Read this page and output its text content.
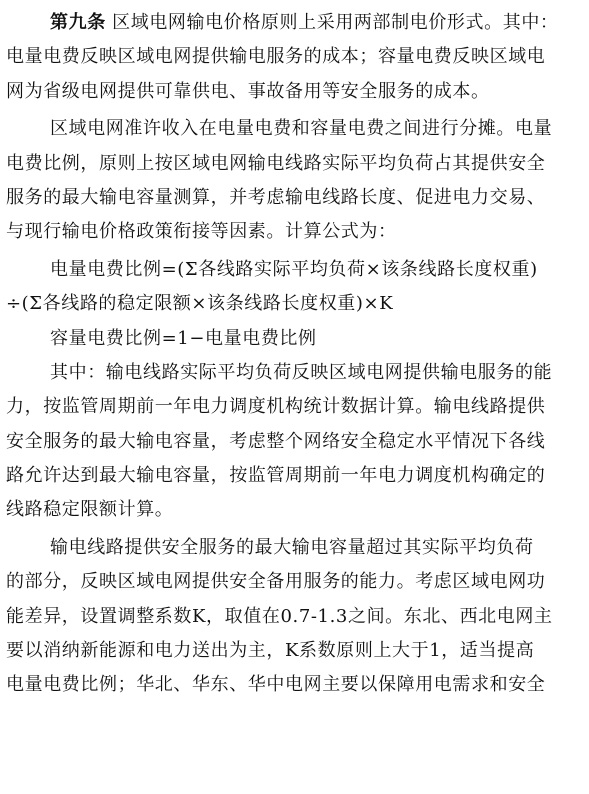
第九条 区域电网输电价格原则上采用两部制电价形式。其中：
电量电费反映区域电网提供输电服务的成本；容量电费反映区域电
网为省级电网提供可靠供电、事故备用等安全服务的成本。
区域电网准许收入在电量电费和容量电费之间进行分摊。电量
电费比例，原则上按区域电网输电线路实际平均负荷占其提供安全
服务的最大输电容量测算，并考虑输电线路长度、促进电力交易、
与现行输电价格政策衔接等因素。计算公式为：
电量电费比例=(Σ各线路实际平均负荷×该条线路长度权重)
÷(Σ各线路的稳定限额×该条线路长度权重)×K
容量电费比例=1−电量电费比例
其中：输电线路实际平均负荷反映区域电网提供输电服务的能
力，按监管周期前一年电力调度机构统计数据计算。输电线路提供
安全服务的最大输电容量，考虑整个网络安全稳定水平情况下各线
路允许达到最大输电容量，按监管周期前一年电力调度机构确定的
线路稳定限额计算。
输电线路提供安全服务的最大输电容量超过其实际平均负荷
的部分，反映区域电网提供安全备用服务的能力。考虑区域电网功
能差异，设置调整系数K，取值在0.7-1.3之间。东北、西北电网主
要以消纳新能源和电力送出为主，K系数原则上大于1，适当提高
电量电费比例；华北、华东、华中电网主要以保障用电需求和安全
